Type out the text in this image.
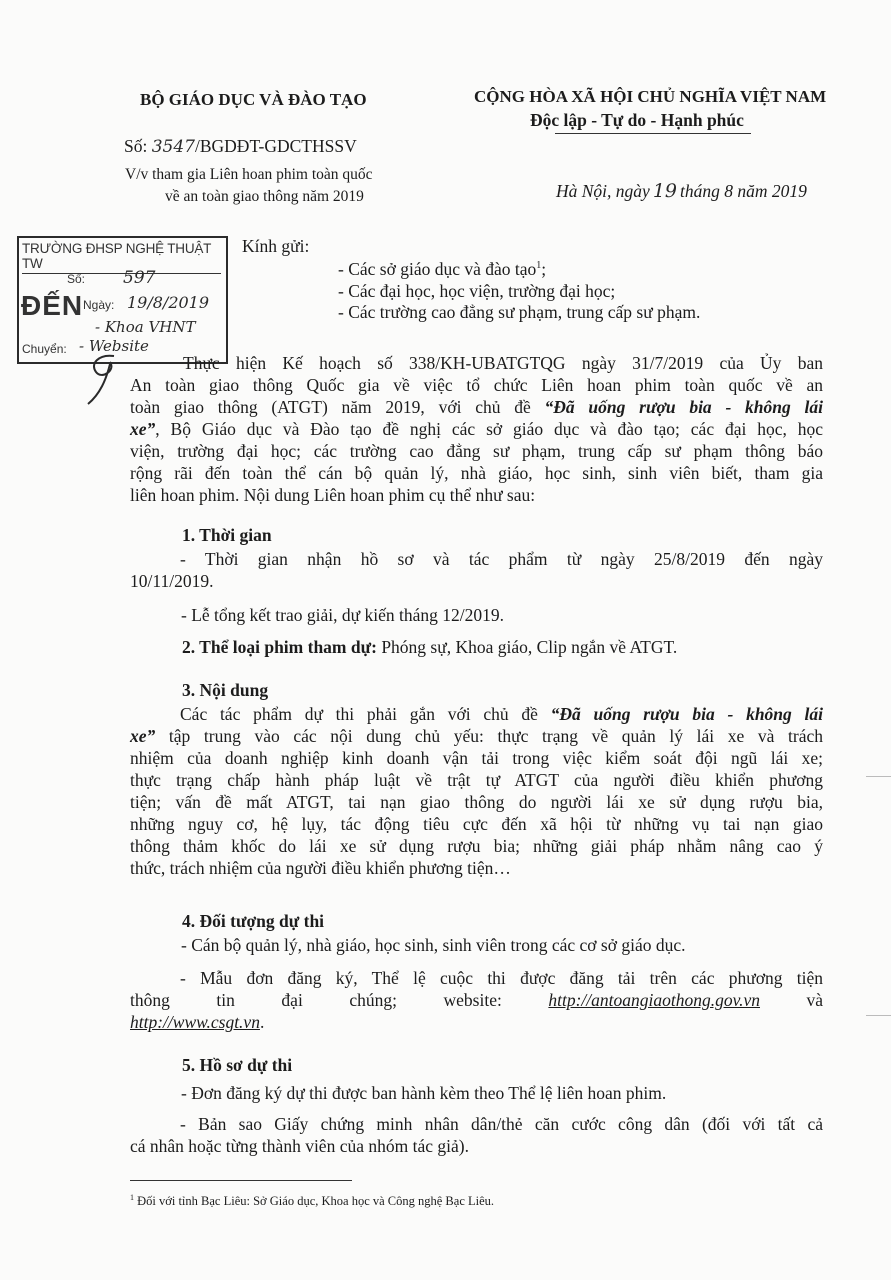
BỘ GIÁO DỤC VÀ ĐÀO TẠO
Số: 3547/BGDĐT-GDCTHSSV
V/v tham gia Liên hoan phim toàn quốc
về an toàn giao thông năm 2019
CỘNG HÒA XÃ HỘI CHỦ NGHĨA VIỆT NAM
Độc lập - Tự do - Hạnh phúc
Hà Nội, ngày 19 tháng 8 năm 2019
TRƯỜNG ĐHSP NGHỆ THUẬT TW
ĐẾN
Số: 597
Ngày: 19/8/2019
- Khoa VHNT
Chuyển: - Website
Kính gửi:
- Các sở giáo dục và đào tạo$^1$;
- Các đại học, học viện, trường đại học;
- Các trường cao đẳng sư phạm, trung cấp sư phạm.
Thực hiện Kế hoạch số 338/KH-UBATGTQG ngày 31/7/2019 của Ủy ban
An toàn giao thông Quốc gia về việc tổ chức Liên hoan phim toàn quốc về an
toàn giao thông (ATGT) năm 2019, với chủ đề “Đã uống rượu bia - không lái
xe”, Bộ Giáo dục và Đào tạo đề nghị các sở giáo dục và đào tạo; các đại học, học
viện, trường đại học; các trường cao đẳng sư phạm, trung cấp sư phạm thông báo
rộng rãi đến toàn thể cán bộ quản lý, nhà giáo, học sinh, sinh viên biết, tham gia
liên hoan phim. Nội dung Liên hoan phim cụ thể như sau:
1. Thời gian
- Thời gian nhận hồ sơ và tác phẩm từ ngày 25/8/2019 đến ngày
10/11/2019.
- Lễ tổng kết trao giải, dự kiến tháng 12/2019.
2. Thể loại phim tham dự: Phóng sự, Khoa giáo, Clip ngắn về ATGT.
3. Nội dung
Các tác phẩm dự thi phải gắn với chủ đề “Đã uống rượu bia - không lái
xe” tập trung vào các nội dung chủ yếu: thực trạng về quản lý lái xe và trách
nhiệm của doanh nghiệp kinh doanh vận tải trong việc kiểm soát đội ngũ lái xe;
thực trạng chấp hành pháp luật về trật tự ATGT của người điều khiển phương
tiện; vấn đề mất ATGT, tai nạn giao thông do người lái xe sử dụng rượu bia,
những nguy cơ, hệ lụy, tác động tiêu cực đến xã hội từ những vụ tai nạn giao
thông thảm khốc do lái xe sử dụng rượu bia; những giải pháp nhằm nâng cao ý
thức, trách nhiệm của người điều khiển phương tiện…
4. Đối tượng dự thi
- Cán bộ quản lý, nhà giáo, học sinh, sinh viên trong các cơ sở giáo dục.
- Mẫu đơn đăng ký, Thể lệ cuộc thi được đăng tải trên các phương tiện
thông	tin	đại	chúng;	website:	http://antoangiaothong.gov.vn	và
http://www.csgt.vn.
5. Hồ sơ dự thi
- Đơn đăng ký dự thi được ban hành kèm theo Thể lệ liên hoan phim.
- Bản sao Giấy chứng minh nhân dân/thẻ căn cước công dân (đối với tất cả
cá nhân hoặc từng thành viên của nhóm tác giả).
$^1$ Đối với tỉnh Bạc Liêu: Sở Giáo dục, Khoa học và Công nghệ Bạc Liêu.
